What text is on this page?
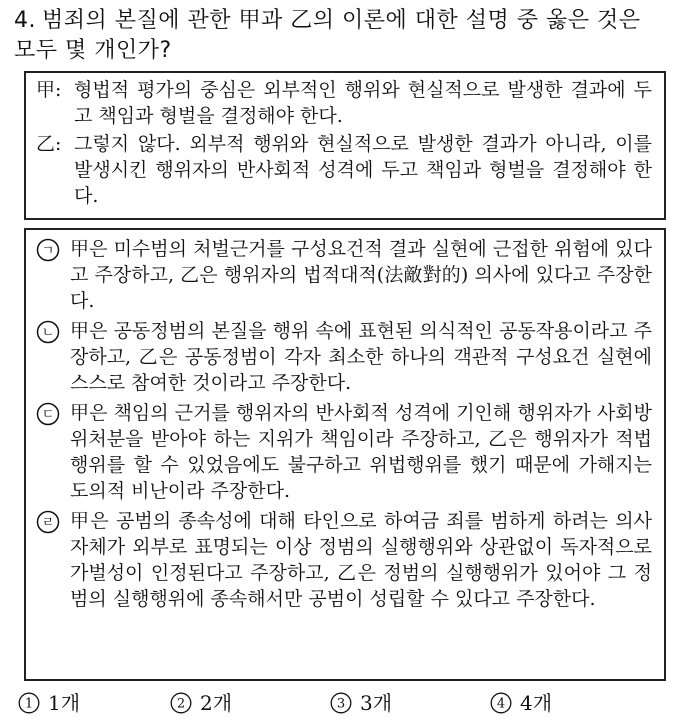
4. 범죄의 본질에 관한 甲과 乙의 이론에 대한 설명 중 옳은 것은 모두 몇 개인가?
甲: 형법적 평가의 중심은 외부적인 행위와 현실적으로 발생한 결과에 두고 책임과 형벌을 결정해야 한다.
乙: 그렇지 않다. 외부적 행위와 현실적으로 발생한 결과가 아니라, 이를 발생시킨 행위자의 반사회적 성격에 두고 책임과 형벌을 결정해야 한다.
ㄱ 甲은 미수범의 처벌근거를 구성요건적 결과 실현에 근접한 위험에 있다고 주장하고, 乙은 행위자의 법적대적(法敵對的) 의사에 있다고 주장한다.
ㄴ 甲은 공동정범의 본질을 행위 속에 표현된 의식적인 공동작용이라고 주장하고, 乙은 공동정범이 각자 최소한 하나의 객관적 구성요건 실현에 스스로 참여한 것이라고 주장한다.
ㄷ 甲은 책임의 근거를 행위자의 반사회적 성격에 기인해 행위자가 사회방위처분을 받아야 하는 지위가 책임이라 주장하고, 乙은 행위자가 적법행위를 할 수 있었음에도 불구하고 위법행위를 했기 때문에 가해지는 도의적 비난이라 주장한다.
ㄹ 甲은 공범의 종속성에 대해 타인으로 하여금 죄를 범하게 하려는 의사 자체가 외부로 표명되는 이상 정범의 실행행위와 상관없이 독자적으로 가벌성이 인정된다고 주장하고, 乙은 정범의 실행행위가 있어야 그 정범의 실행행위에 종속해서만 공범이 성립할 수 있다고 주장한다.
1 1개	2 2개	3 3개	4 4개
